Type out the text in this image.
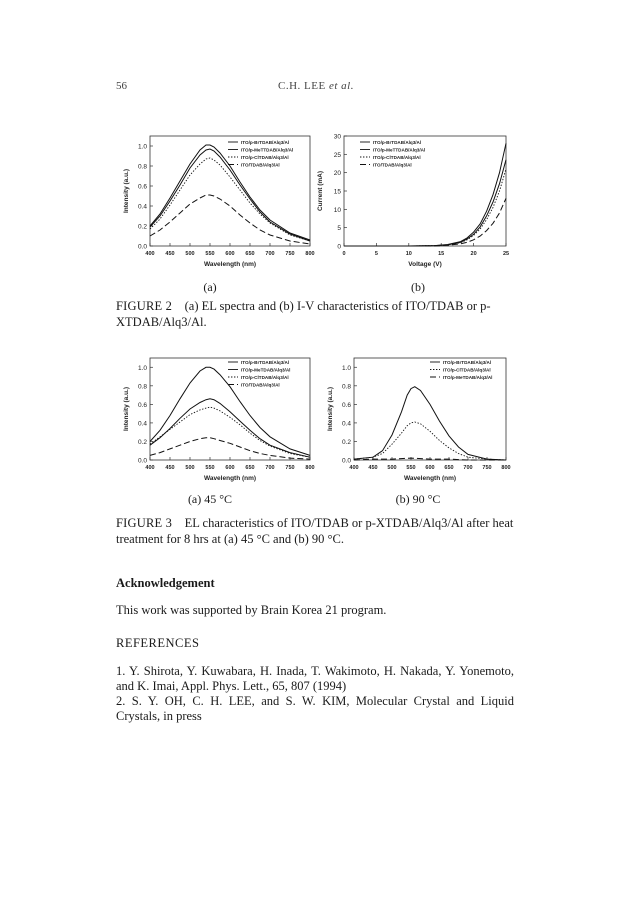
56	C.H. LEE et al.
400 450 500 550 600 650 700 750 800
0.0
0.2
0.4
0.6
0.8
1.0
Wavelength (nm)
Intensity (a.u.)
ITO/p-BrTDAB/Alq3/Al
ITO/p-MeTTDAB/Alq3/Al
ITO/p-ClTDAB/Alq3/Al
ITO/TDAB/Alq3/Al
0	5	10	15	20	25
0
5
10
15
20
25
30
Voltage (V)
Current (mA)
ITO/p-BrTDAB/Alq3/Al
ITO/p-MeTTDAB/Alq3/Al
ITO/p-ClTDAB/Alq3/Al
ITO/TDAB/Alq3/Al
(a)	(b)
FIGURE 2 (a) EL spectra and (b) I-V characteristics of ITO/TDAB or p-XTDAB/Alq3/Al.
400 450 500 550 600 650 700 750 800
0.0
0.2
0.4
0.6
0.8
1.0
Wavelength (nm)
Intensity (a.u.)
ITO/p-BrTDAB/Alq3/Al
ITO/p-MeTDAB/Alq3/Al
ITO/p-ClTDAB/Alq3/Al
ITO/TDAB/Alq3/Al
400 450 500 550 600 650 700 750 800
0.0
0.2
0.4
0.6
0.8
1.0
Wavelength (nm)
Intensity (a.u.)
ITO/p-BrTDAB/Alq3/Al
ITO/p-ClTDAB/Alq3/Al
ITO/p-MeTDAB/Alq3/Al
(a) 45 °C	(b) 90 °C
FIGURE 3 EL characteristics of ITO/TDAB or p-XTDAB/Alq3/Al after heat treatment for 8 hrs at (a) 45 °C and (b) 90 °C.
Acknowledgement
This work was supported by Brain Korea 21 program.
REFERENCES
1. Y. Shirota, Y. Kuwabara, H. Inada, T. Wakimoto, H. Nakada, Y. Yonemoto, and K. Imai, Appl. Phys. Lett., 65, 807 (1994)
2. S. Y. OH, C. H. LEE, and S. W. KIM, Molecular Crystal and Liquid Crystals, in press
